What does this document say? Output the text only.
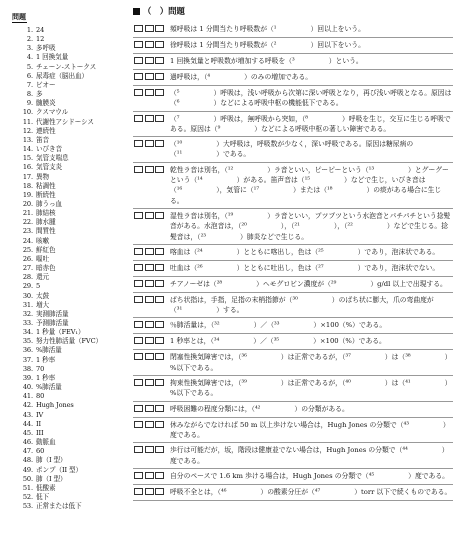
問題
1. 24
2. 12
3. 多呼吸
4. 1 回換気量
5. チェーン-ストークス
6. 尿毒症（脳出血）
7. ビオー
8. 多
9. 髄膜炎
10. クスマウル
11. 代謝性アシドーシス
12. 連続性
13. 笛音
14. いびき音
15. 気管支喘息
16. 気管支炎
17. 異物
18. 粘調性
19. 断続性
20. 肺うっ血
21. 肺結核
22. 肺水腫
23. 間質性
24. 咳嗽
25. 鮮紅色
26. 嘔吐
27. 暗赤色
28. 還元
29. 5
30. 太鼓
31. 増大
32. 実測肺活量
33. 予測肺活量
34. 1 秒量（FEV₁）
35. 努力性肺活量（FVC）
36. %肺活量
37. 1 秒率
38. 70
39. 1 秒率
40. %肺活量
41. 80
42. Hugh Jones
43. IV
44. II
45. III
46. 動脈血
47. 60
48. 肺（I 型）
49. ポンプ（II 型）
50. 肺（I 型）
51. 低酸素
52. 低下
53. 正常または低下
（　）問題
頻呼吸は 1 分間当たり呼吸数が（¹　　　　　）回以上をいう。
徐呼吸は 1 分間当たり呼吸数が（²　　　　　）回以下をいう。
1 回換気量と呼吸数が増加する呼吸を（³　　　　　）という。
過呼吸は，（⁴　　　　　）のみの増加である。
（⁵　　　　　）呼吸は，浅い呼吸から次第に深い呼吸となり，再び浅い呼吸となる。原因は（⁶　　　　　）などによる呼吸中枢の機能低下である。
（⁷　　　　　）呼吸は，無呼吸から突如，（⁸　　　　　）呼吸を生じ，交互に生じる呼吸である。原因は（⁹　　　　　）などによる呼吸中枢の著しい障害である。
（¹⁰　　　　　）大呼吸は，呼吸数が少なく，深い呼吸である。原因は糖尿病の（¹¹　　　　　）である。
乾性ラ音は別名，（¹²　　　　　）ラ音といい，ピーピーという（¹³　　　　　）とグーグーという（¹⁴　　　　　）がある。笛声音は（¹⁵　　　　　）などで生じ，いびき音は（¹⁶　　　　　），気管に（¹⁷　　　　　）または（¹⁸　　　　　）の痰がある場合に生じる。
湿性ラ音は別名，（¹⁹　　　　　）ラ音といい，プツプツという水泡音とパチパチという捻髪音がある。水泡音は，（²⁰　　　　　），（²¹　　　　　），（²²　　　　　）などで生じる。捻髪音は，（²³　　　　　）肺炎などで生じる。
喀血は（²⁴　　　　　）とともに喀出し，色は（²⁵　　　　　）であり，泡沫状である。
吐血は（²⁶　　　　　）とともに吐出し，色は（²⁷　　　　　）であり，泡沫状でない。
チアノーゼは（²⁸　　　　　）ヘモグロビン濃度が（²⁹　　　　　）g/dl 以上で出現する。
ばち状指は，手指，足指の末梢指節が（³⁰　　　　　）のばち状に膨大，爪の弯曲度が（³¹　　　　　）する。
％肺活量は，（³²　　　　　）／（³³　　　　　）×100（%）である。
1 秒率とは，（³⁴　　　　　）／（³⁵　　　　　）×100（%）である。
閉塞性換気障害では，（³⁶　　　　　）は正常であるが，（³⁷　　　　　）は（³⁸　　　　　）%以下である。
拘束性換気障害では，（³⁹　　　　　）は正常であるが，（⁴⁰　　　　　）は（⁴¹　　　　　）%以下である。
呼吸困難の程度分類には，（⁴²　　　　　）の分類がある。
休みながらでなければ 50 m 以上歩けない場合は，Hugh Jones の分類で（⁴³　　　　　）度である。
歩行は可能だが，坂，階段は健康並でない場合は，Hugh Jones の分類で（⁴⁴　　　　　）度である。
自分のペースで 1.6 km 歩ける場合は，Hugh Jones の分類で（⁴⁵　　　　　）度である。
呼吸不全とは，（⁴⁶　　　　　）の酸素分圧が（⁴⁷　　　　　）torr 以下で続くものである。
